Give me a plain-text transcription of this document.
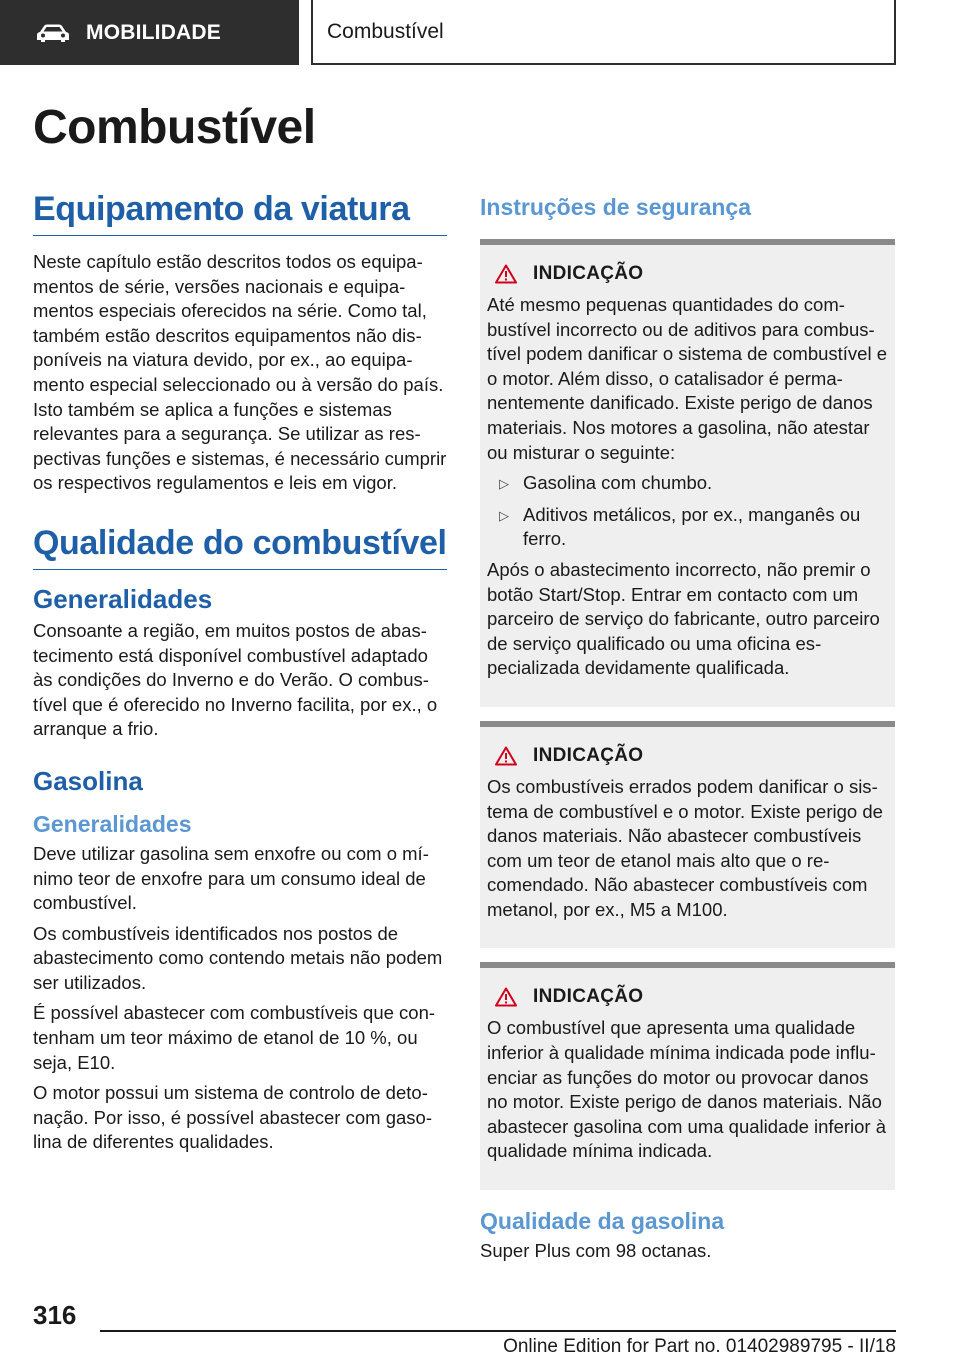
MOBILIDADE	Combustível
Combustível
Equipamento da viatura

Neste capítulo estão descritos todos os equipamentos de série, versões nacionais e equipamentos especiais oferecidos na série. Como tal, também estão descritos equipamentos não disponíveis na viatura devido, por ex., ao equipamento especial seleccionado ou à versão do país. Isto também se aplica a funções e sistemas relevantes para a segurança. Se utilizar as respectivas funções e sistemas, é necessário cumprir os respectivos regulamentos e leis em vigor.

Qualidade do combustível
Generalidades

Consoante a região, em muitos postos de abastecimento está disponível combustível adaptado às condições do Inverno e do Verão. O combustível que é oferecido no Inverno facilita, por ex., o arranque a frio.

Gasolina
Generalidades

Deve utilizar gasolina sem enxofre ou com o mínimo teor de enxofre para um consumo ideal de combustível.

Os combustíveis identificados nos postos de abastecimento como contendo metais não podem ser utilizados.

É possível abastecer com combustíveis que contenham um teor máximo de etanol de 10 %, ou seja, E10.

O motor possui um sistema de controlo de detonação. Por isso, é possível abastecer com gasolina de diferentes qualidades.

Instruções de segurança
INDICAÇÃO

Até mesmo pequenas quantidades do combustível incorrecto ou de aditivos para combustível podem danificar o sistema de combustível e o motor. Além disso, o catalisador é permanentemente danificado. Existe perigo de danos materiais. Nos motores a gasolina, não atestar ou misturar o seguinte:

▷ Gasolina com chumbo.
▷ Aditivos metálicos, por ex., manganês ou ferro.

Após o abastecimento incorrecto, não premir o botão Start/Stop. Entrar em contacto com um parceiro de serviço do fabricante, outro parceiro de serviço qualificado ou uma oficina especializada devidamente qualificada.

INDICAÇÃO

Os combustíveis errados podem danificar o sistema de combustível e o motor. Existe perigo de danos materiais. Não abastecer combustíveis com um teor de etanol mais alto que o recomendado. Não abastecer combustíveis com metanol, por ex., M5 a M100.

INDICAÇÃO

O combustível que apresenta uma qualidade inferior à qualidade mínima indicada pode influenciar as funções do motor ou provocar danos no motor. Existe perigo de danos materiais. Não abastecer gasolina com uma qualidade inferior à qualidade mínima indicada.

Qualidade da gasolina

Super Plus com 98 octanas.

316
Online Edition for Part no. 01402989795 - II/18
